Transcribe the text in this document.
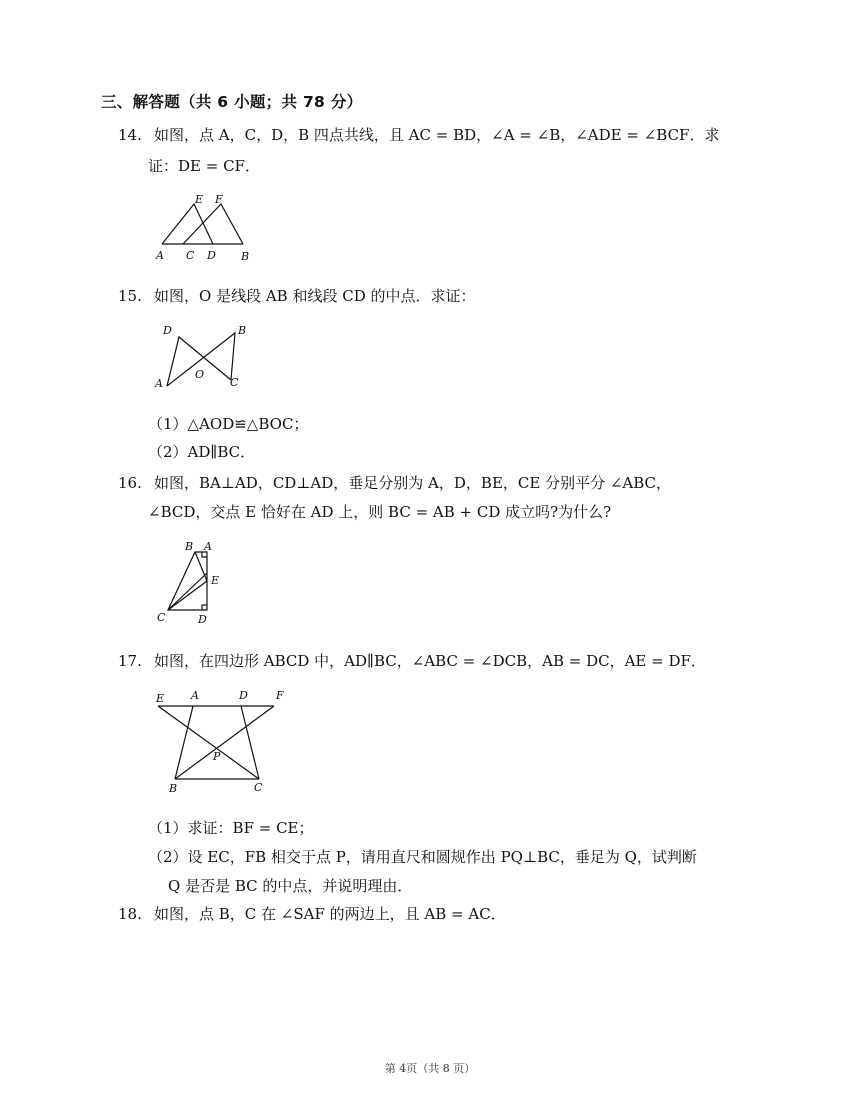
三、解答题（共 6 小题；共 78 分）
14. 如图，点 A，C，D，B 四点共线，且 AC = BD，∠A = ∠B，∠ADE = ∠BCF．求
证：DE = CF．
E F
A C D B
15. 如图，O 是线段 AB 和线段 CD 的中点．求证：
D	B
A
O
C
（1）△AOD≌△BOC；
（2）AD∥BC．
16. 如图，BA⊥AD，CD⊥AD，垂足分别为 A，D，BE，CE 分别平分 ∠ABC，
∠BCD，交点 E 恰好在 AD 上，则 BC = AB + CD 成立吗?为什么?
B A
E
C	D
17. 如图，在四边形 ABCD 中，AD∥BC，∠ABC = ∠DCB，AB = DC，AE = DF．
E A	D	F
P
B	C
（1）求证：BF = CE；
（2）设 EC，FB 相交于点 P，请用直尺和圆规作出 PQ⊥BC，垂足为 Q，试判断
Q 是否是 BC 的中点，并说明理由．
18. 如图，点 B，C 在 ∠SAF 的两边上，且 AB = AC．
第 4页（共 8 页）
